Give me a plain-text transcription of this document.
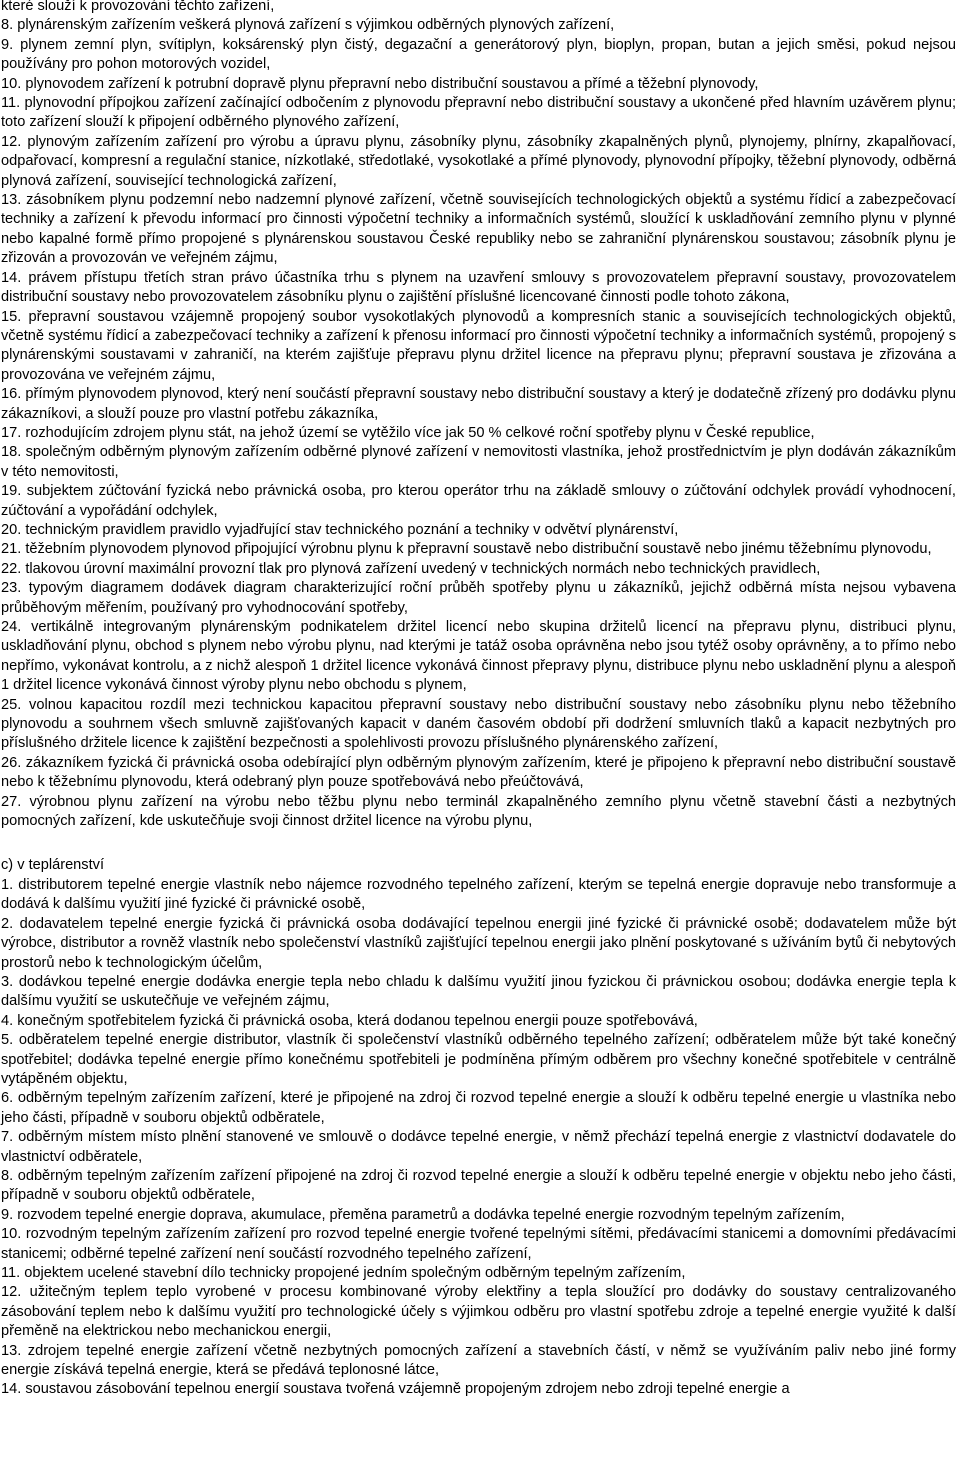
které slouží k provozování těchto zařízení,

8. plynárenským zařízením veškerá plynová zařízení s výjimkou odběrných plynových zařízení,

9. plynem zemní plyn, svítiplyn, koksárenský plyn čistý, degazační a generátorový plyn, bioplyn, propan, butan a jejich směsi, pokud nejsou používány pro pohon motorových vozidel,

10. plynovodem zařízení k potrubní dopravě plynu přepravní nebo distribuční soustavou a přímé a těžební plynovody,

11. plynovodní přípojkou zařízení začínající odbočením z plynovodu přepravní nebo distribuční soustavy a ukončené před hlavním uzávěrem plynu; toto zařízení slouží k připojení odběrného plynového zařízení,

12. plynovým zařízením zařízení pro výrobu a úpravu plynu, zásobníky plynu, zásobníky zkapalněných plynů, plynojemy, plnírny, zkapalňovací, odpařovací, kompresní a regulační stanice, nízkotlaké, středotlaké, vysokotlaké a přímé plynovody, plynovodní přípojky, těžební plynovody, odběrná plynová zařízení, související technologická zařízení,

13. zásobníkem plynu podzemní nebo nadzemní plynové zařízení, včetně souvisejících technologických objektů a systému řídicí a zabezpečovací techniky a zařízení k převodu informací pro činnosti výpočetní techniky a informačních systémů, sloužící k uskladňování zemního plynu v plynné nebo kapalné formě přímo propojené s plynárenskou soustavou České republiky nebo se zahraniční plynárenskou soustavou; zásobník plynu je zřizován a provozován ve veřejném zájmu,

14. právem přístupu třetích stran právo účastníka trhu s plynem na uzavření smlouvy s provozovatelem přepravní soustavy, provozovatelem distribuční soustavy nebo provozovatelem zásobníku plynu o zajištění příslušné licencované činnosti podle tohoto zákona,

15. přepravní soustavou vzájemně propojený soubor vysokotlakých plynovodů a kompresních stanic a souvisejících technologických objektů, včetně systému řídicí a zabezpečovací techniky a zařízení k přenosu informací pro činnosti výpočetní techniky a informačních systémů, propojený s plynárenskými soustavami v zahraničí, na kterém zajišťuje přepravu plynu držitel licence na přepravu plynu; přepravní soustava je zřizována a provozována ve veřejném zájmu,

16. přímým plynovodem plynovod, který není součástí přepravní soustavy nebo distribuční soustavy a který je dodatečně zřízený pro dodávku plynu zákazníkovi, a slouží pouze pro vlastní potřebu zákazníka,

17. rozhodujícím zdrojem plynu stát, na jehož území se vytěžilo více jak 50 % celkové roční spotřeby plynu v České republice,

18. společným odběrným plynovým zařízením odběrné plynové zařízení v nemovitosti vlastníka, jehož prostřednictvím je plyn dodáván zákazníkům v této nemovitosti,

19. subjektem zúčtování fyzická nebo právnická osoba, pro kterou operátor trhu na základě smlouvy o zúčtování odchylek provádí vyhodnocení, zúčtování a vypořádání odchylek,

20. technickým pravidlem pravidlo vyjadřující stav technického poznání a techniky v odvětví plynárenství,

21. těžebním plynovodem plynovod připojující výrobnu plynu k přepravní soustavě nebo distribuční soustavě nebo jinému těžebnímu plynovodu,

22. tlakovou úrovní maximální provozní tlak pro plynová zařízení uvedený v technických normách nebo technických pravidlech,

23. typovým diagramem dodávek diagram charakterizující roční průběh spotřeby plynu u zákazníků, jejichž odběrná místa nejsou vybavena průběhovým měřením, používaný pro vyhodnocování spotřeby,

24. vertikálně integrovaným plynárenským podnikatelem držitel licencí nebo skupina držitelů licencí na přepravu plynu, distribuci plynu, uskladňování plynu, obchod s plynem nebo výrobu plynu, nad kterými je tatáž osoba oprávněna nebo jsou tytéž osoby oprávněny, a to přímo nebo nepřímo, vykonávat kontrolu, a z nichž alespoň 1 držitel licence vykonává činnost přepravy plynu, distribuce plynu nebo uskladnění plynu a alespoň 1 držitel licence vykonává činnost výroby plynu nebo obchodu s plynem,

25. volnou kapacitou rozdíl mezi technickou kapacitou přepravní soustavy nebo distribuční soustavy nebo zásobníku plynu nebo těžebního plynovodu a souhrnem všech smluvně zajišťovaných kapacit v daném časovém období při dodržení smluvních tlaků a kapacit nezbytných pro příslušného držitele licence k zajištění bezpečnosti a spolehlivosti provozu příslušného plynárenského zařízení,

26. zákazníkem fyzická či právnická osoba odebírající plyn odběrným plynovým zařízením, které je připojeno k přepravní nebo distribuční soustavě nebo k těžebnímu plynovodu, která odebraný plyn pouze spotřebovává nebo přeúčtovává,

27. výrobnou plynu zařízení na výrobu nebo těžbu plynu nebo terminál zkapalněného zemního plynu včetně stavební části a nezbytných pomocných zařízení, kde uskutečňuje svoji činnost držitel licence na výrobu plynu,

c) v teplárenství

1. distributorem tepelné energie vlastník nebo nájemce rozvodného tepelného zařízení, kterým se tepelná energie dopravuje nebo transformuje a dodává k dalšímu využití jiné fyzické či právnické osobě,

2. dodavatelem tepelné energie fyzická či právnická osoba dodávající tepelnou energii jiné fyzické či právnické osobě; dodavatelem může být výrobce, distributor a rovněž vlastník nebo společenství vlastníků zajišťující tepelnou energii jako plnění poskytované s užíváním bytů či nebytových prostorů nebo k technologickým účelům,

3. dodávkou tepelné energie dodávka energie tepla nebo chladu k dalšímu využití jinou fyzickou či právnickou osobou; dodávka energie tepla k dalšímu využití se uskutečňuje ve veřejném zájmu,

4. konečným spotřebitelem fyzická či právnická osoba, která dodanou tepelnou energii pouze spotřebovává,

5. odběratelem tepelné energie distributor, vlastník či společenství vlastníků odběrného tepelného zařízení; odběratelem může být také konečný spotřebitel; dodávka tepelné energie přímo konečnému spotřebiteli je podmíněna přímým odběrem pro všechny konečné spotřebitele v centrálně vytápěném objektu,

6. odběrným tepelným zařízením zařízení, které je připojené na zdroj či rozvod tepelné energie a slouží k odběru tepelné energie u vlastníka nebo jeho části, případně v souboru objektů odběratele,

7. odběrným místem místo plnění stanovené ve smlouvě o dodávce tepelné energie, v němž přechází tepelná energie z vlastnictví dodavatele do vlastnictví odběratele,

8. odběrným tepelným zařízením zařízení připojené na zdroj či rozvod tepelné energie a slouží k odběru tepelné energie v objektu nebo jeho části, případně v souboru objektů odběratele,

9. rozvodem tepelné energie doprava, akumulace, přeměna parametrů a dodávka tepelné energie rozvodným tepelným zařízením,

10. rozvodným tepelným zařízením zařízení pro rozvod tepelné energie tvořené tepelnými sítěmi, předávacími stanicemi a domovními předávacími stanicemi; odběrné tepelné zařízení není součástí rozvodného tepelného zařízení,

11. objektem ucelené stavební dílo technicky propojené jedním společným odběrným tepelným zařízením,

12. užitečným teplem teplo vyrobené v procesu kombinované výroby elektřiny a tepla sloužící pro dodávky do soustavy centralizovaného zásobování teplem nebo k dalšímu využití pro technologické účely s výjimkou odběru pro vlastní spotřebu zdroje a tepelné energie využité k další přeměně na elektrickou nebo mechanickou energii,

13. zdrojem tepelné energie zařízení včetně nezbytných pomocných zařízení a stavebních částí, v němž se využíváním paliv nebo jiné formy energie získává tepelná energie, která se předává teplonosné látce,

14. soustavou zásobování tepelnou energií soustava tvořená vzájemně propojeným zdrojem nebo zdroji tepelné energie a
